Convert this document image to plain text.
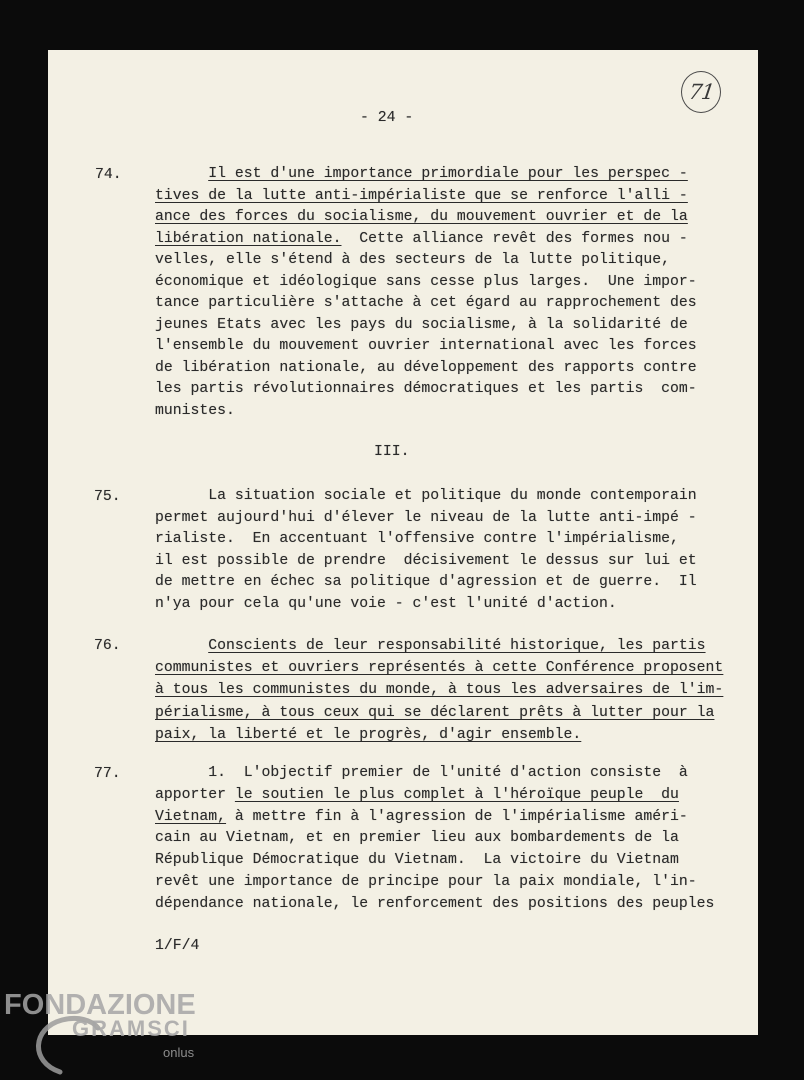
- 24 -
71
74.	Il est d'une importance primordiale pour les perspec -
tives de la lutte anti-impérialiste que se renforce l'alli -
ance des forces du socialisme, du mouvement ouvrier et de la
libération nationale.  Cette alliance revêt des formes nou -
velles, elle s'étend à des secteurs de la lutte politique,
économique et idéologique sans cesse plus larges.  Une impor-
tance particulière s'attache à cet égard au rapprochement des
jeunes Etats avec les pays du socialisme, à la solidarité de
l'ensemble du mouvement ouvrier international avec les forces
de libération nationale, au développement des rapports contre
les partis révolutionnaires démocratiques et les partis  com-
munistes.
III.
75.	La situation sociale et politique du monde contemporain
permet aujourd'hui d'élever le niveau de la lutte anti-impé -
rialiste.  En accentuant l'offensive contre l'impérialisme,
il est possible de prendre  décisivement le dessus sur lui et
de mettre en échec sa politique d'agression et de guerre.  Il
n'ya pour cela qu'une voie - c'est l'unité d'action.
76.	Conscients de leur responsabilité historique, les partis
communistes et ouvriers représentés à cette Conférence proposent
à tous les communistes du monde, à tous les adversaires de l'im-
périalisme, à tous ceux qui se déclarent prêts à lutter pour la
paix, la liberté et le progrès, d'agir ensemble.
77.	1.  L'objectif premier de l'unité d'action consiste  à
apporter le soutien le plus complet à l'héroïque peuple  du
Vietnam, à mettre fin à l'agression de l'impérialisme améri-
cain au Vietnam, et en premier lieu aux bombardements de la
République Démocratique du Vietnam.  La victoire du Vietnam
revêt une importance de principe pour la paix mondiale, l'in-
dépendance nationale, le renforcement des positions des peuples
1/F/4
FONDAZIONE
GRAMSCI
onlus
